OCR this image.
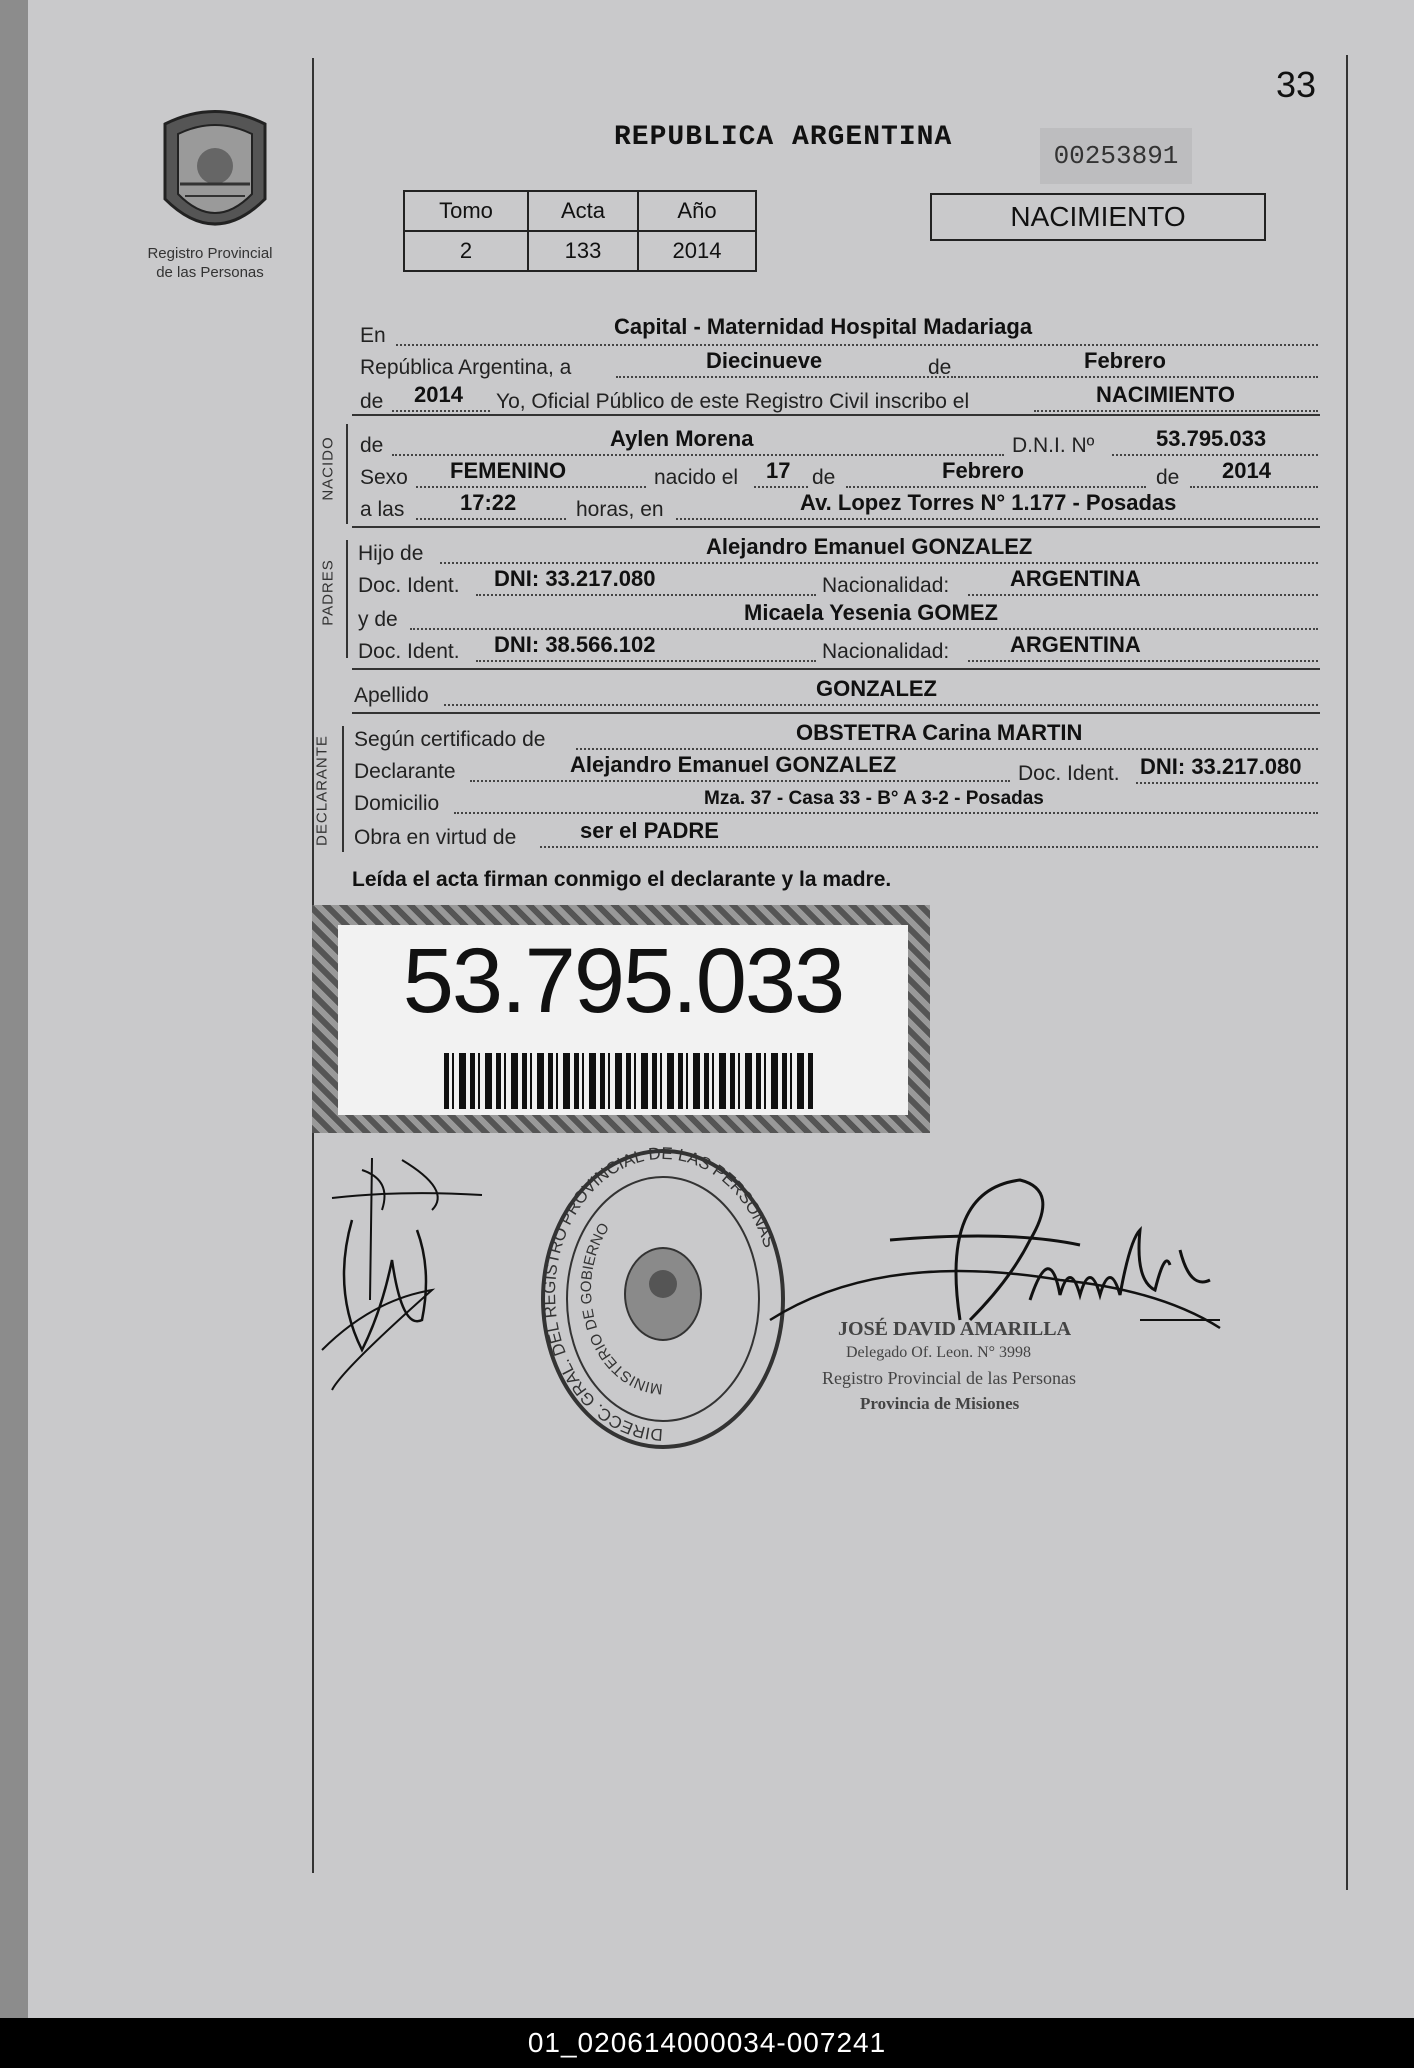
33
Registro Provincial
de las Personas
REPUBLICA ARGENTINA
00253891
Tomo	Acta	Año
2	133	2014
NACIMIENTO
En	Capital - Maternidad Hospital Madariaga
República Argentina, a	Diecinueve	de	Febrero
de 2014 Yo, Oficial Público de este Registro Civil inscribo el	NACIMIENTO
NACIDO de	Aylen Morena	D.N.I. Nº	53.795.033
Sexo FEMENINO	nacido el 17 de	Febrero	de 2014
a las	17:22	horas, en	Av. Lopez Torres N° 1.177 - Posadas
PADRES
Hijo de	Alejandro Emanuel GONZALEZ
Doc. Ident. DNI: 33.217.080	Nacionalidad:	ARGENTINA
y de	Micaela Yesenia GOMEZ
Doc. Ident. DNI: 38.566.102	Nacionalidad:	ARGENTINA
Apellido	GONZALEZ
DECLARANTE Según certificado de	OBSTETRA Carina MARTIN
Declarante	Alejandro Emanuel GONZALEZ	Doc. Ident. DNI: 33.217.080
Domicilio	Mza. 37 - Casa 33 - B° A 3-2 - Posadas
Obra en virtud de	ser el PADRE
Leída el acta firman conmigo el declarante y la madre.
53.795.033
DIRECC. GRAL. DEL REGISTRO PROVINCIAL DE LAS PERSONAS
MINISTERIO DE GOBIERNO
JOSÉ DAVID AMARILLA
Delegado Of. Leon. N° 3998
Registro Provincial de las Personas
Provincia de Misiones
01_020614000034-007241
